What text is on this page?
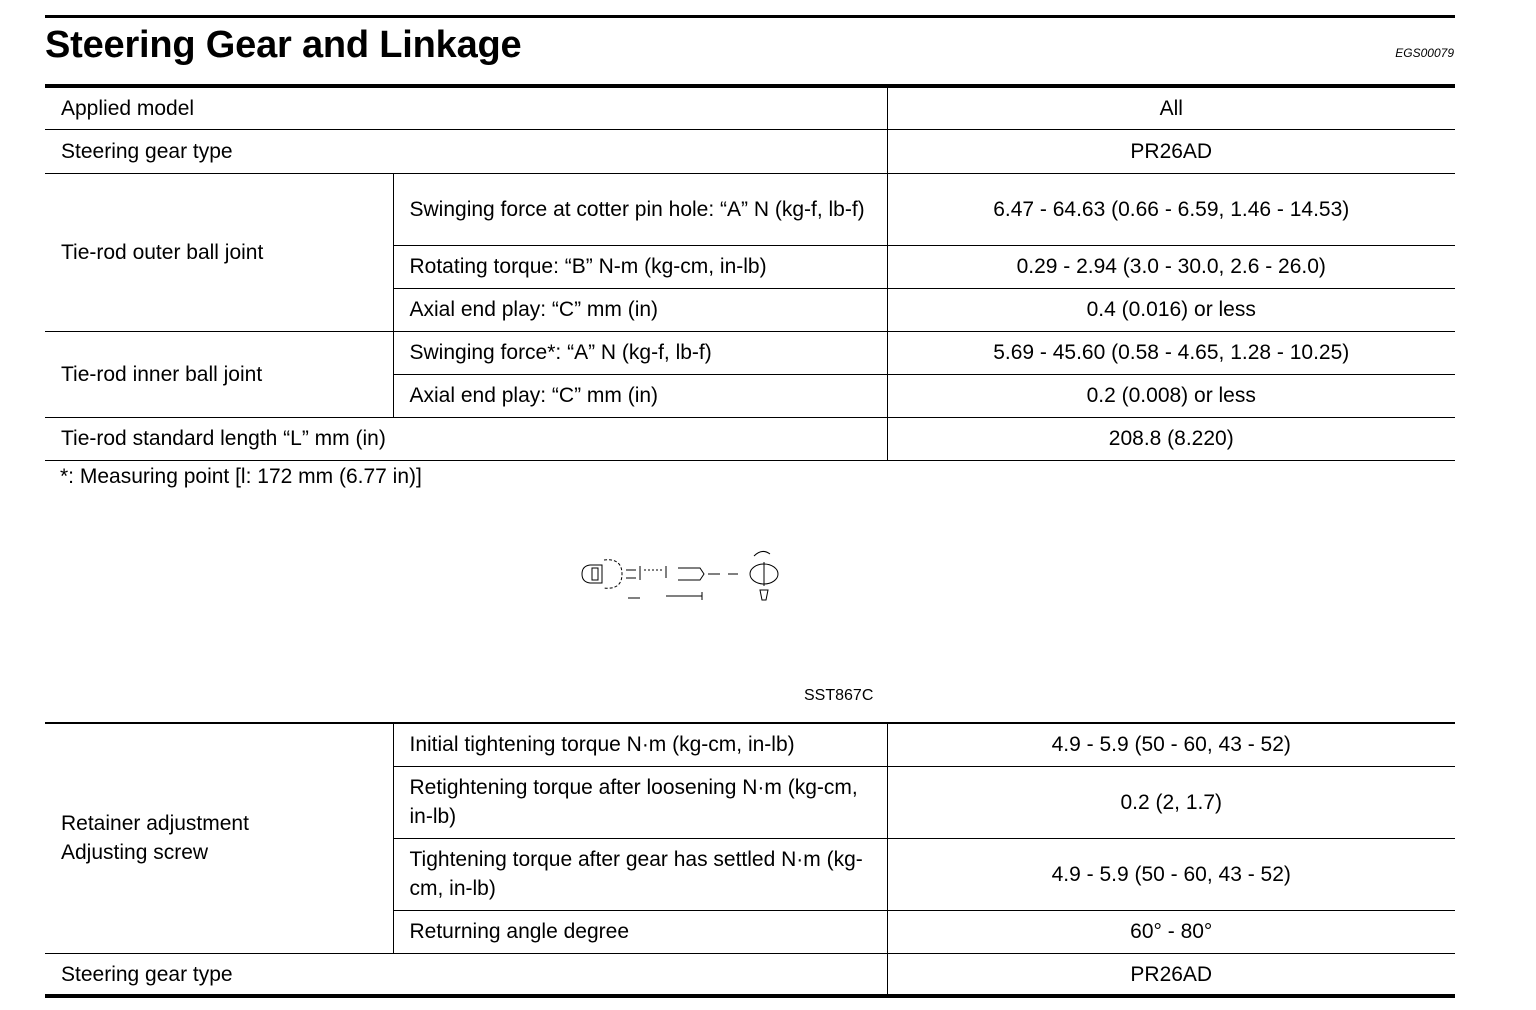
Steering Gear and Linkage	EGS00079
Applied model		All
Steering gear type		PR26AD
Tie-rod outer ball joint	Swinging force at cotter pin hole: “A” N (kg-f, lb-f)	6.47 - 64.63 (0.66 - 6.59, 1.46 - 14.53)
	Rotating torque: “B” N-m (kg-cm, in-lb)	0.29 - 2.94 (3.0 - 30.0, 2.6 - 26.0)
	Axial end play: “C” mm (in)	0.4 (0.016) or less
Tie-rod inner ball joint	Swinging force*: “A” N (kg-f, lb-f)	5.69 - 45.60 (0.58 - 4.65, 1.28 - 10.25)
	Axial end play: “C” mm (in)	0.2 (0.008) or less
Tie-rod standard length “L” mm (in)		208.8 (8.220)
*: Measuring point [l: 172 mm (6.77 in)]
SST867C
Retainer adjustment
Adjusting screw	Initial tightening torque N·m (kg-cm, in-lb)	4.9 - 5.9 (50 - 60, 43 - 52)
	Retightening torque after loosening N·m (kg-cm, in-lb)	0.2 (2, 1.7)
	Tightening torque after gear has settled N·m (kg-cm, in-lb)	4.9 - 5.9 (50 - 60, 43 - 52)
	Returning angle degree	60° - 80°
Steering gear type		PR26AD
